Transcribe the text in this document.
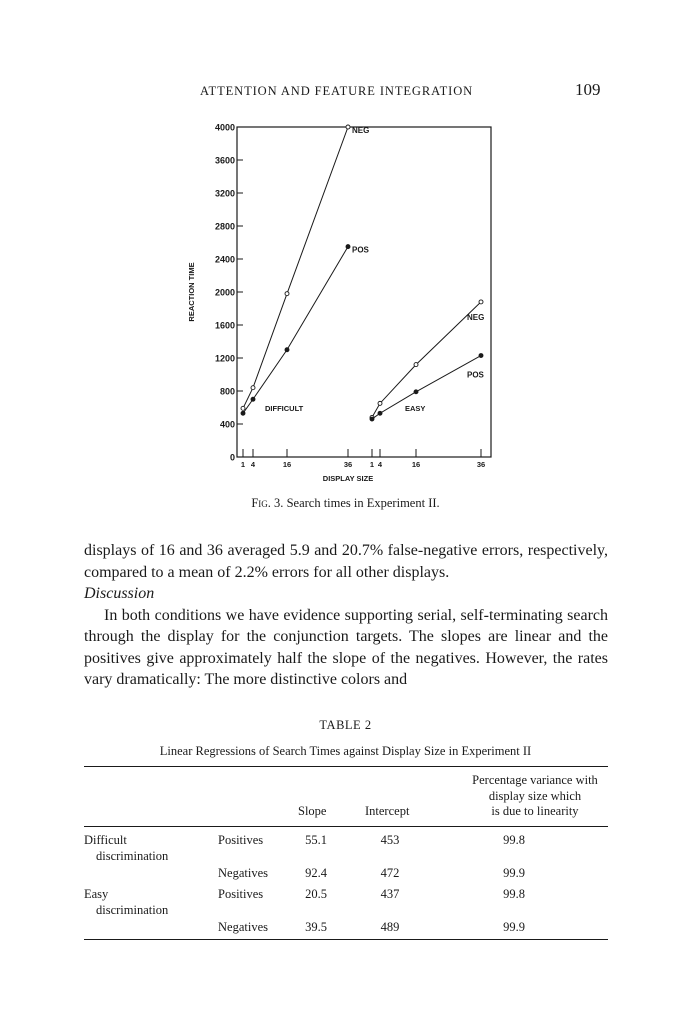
ATTENTION AND FEATURE INTEGRATION	109
4000
3600
3200
2800
2400
2000
1600
1200
800
400
0
REACTION TIME
1 4	16	36 1 4	16	36
DISPLAY SIZE
NEG
POS
DIFFICULT
NEG
POS
EASY
Fig. 3. Search times in Experiment II.

displays of 16 and 36 averaged 5.9 and 20.7% false-negative errors, respectively, compared to a mean of 2.2% errors for all other displays.

Discussion

In both conditions we have evidence supporting serial, self-terminating search through the display for the conjunction targets. The slopes are linear and the positives give approximately half the slope of the negatives. However, the rates vary dramatically: The more distinctive colors and

TABLE 2
Linear Regressions of Search Times against Display Size in Experiment II
Percentage variance with
display size which
is due to linearity
Slope	Intercept
Difficult
discrimination
Positives	55.1	453	99.8
Negatives	92.4	472	99.9
Easy
discrimination
Positives	20.5	437	99.8
Negatives	39.5	489	99.9
